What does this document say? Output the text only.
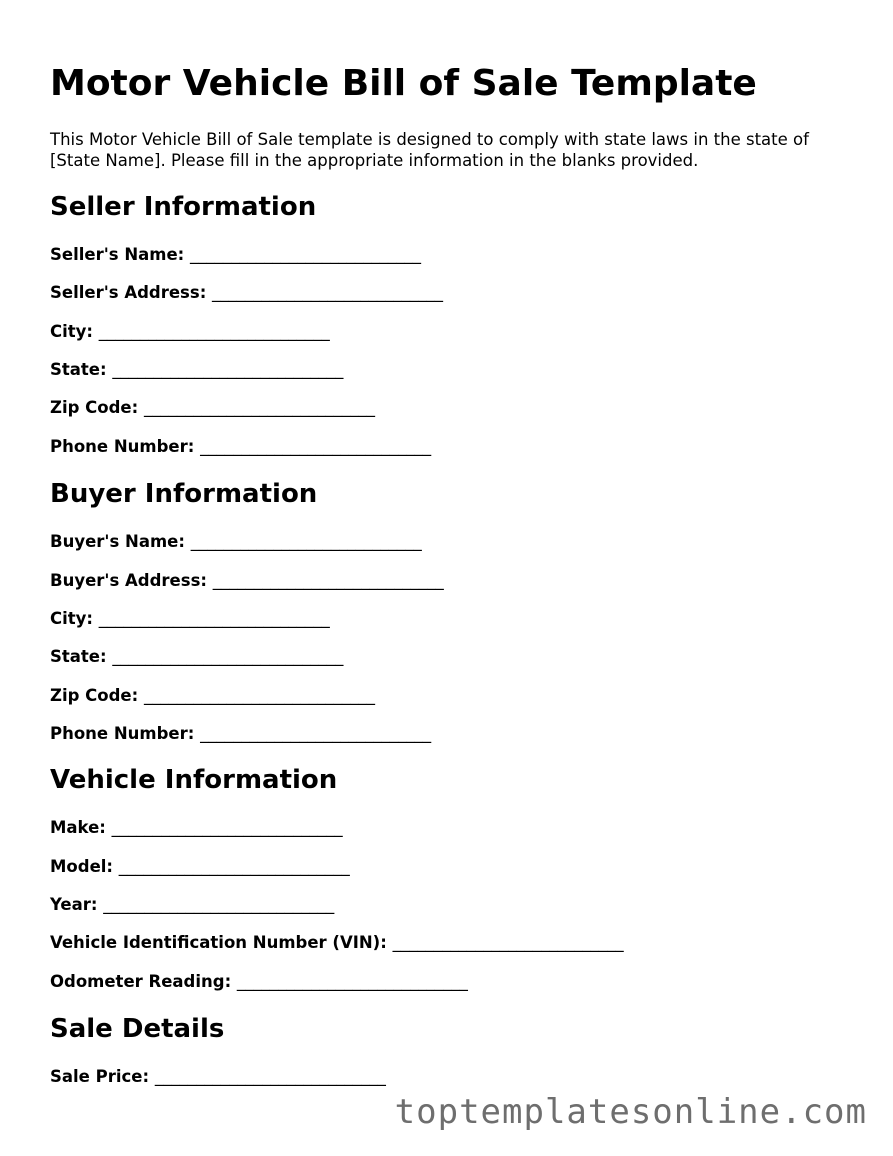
Motor Vehicle Bill of Sale Template

This Motor Vehicle Bill of Sale template is designed to comply with state laws in the state of [State Name]. Please fill in the appropriate information in the blanks provided.

Seller Information
Seller's Name: ____________________________
Seller's Address: ____________________________
City: ____________________________
State: ____________________________
Zip Code: ____________________________
Phone Number: ____________________________
Buyer Information
Buyer's Name: ____________________________
Buyer's Address: ____________________________
City: ____________________________
State: ____________________________
Zip Code: ____________________________
Phone Number: ____________________________
Vehicle Information
Make: ____________________________
Model: ____________________________
Year: ____________________________
Vehicle Identification Number (VIN): ____________________________
Odometer Reading: ____________________________
Sale Details
Sale Price: ____________________________
toptemplatesonline.com
